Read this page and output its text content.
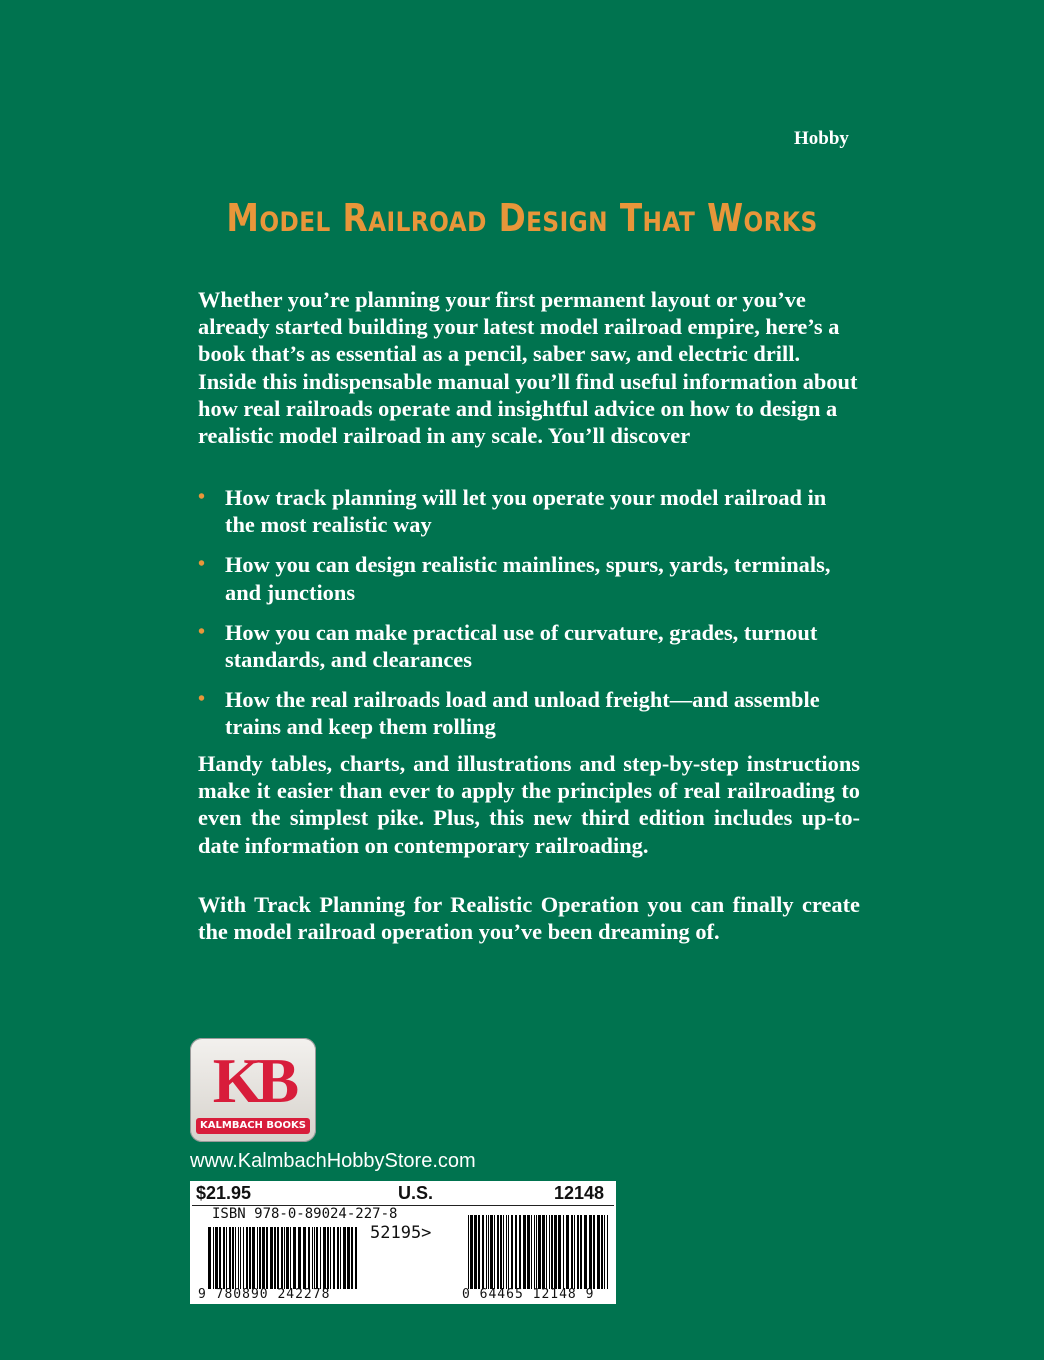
Hobby
Model Railroad Design That Works

Whether you’re planning your first permanent layout or you’ve already started building your latest model railroad empire, here’s a book that’s as essential as a pencil, saber saw, and electric drill. Inside this indispensable manual you’ll find useful information about how real railroads operate and insightful advice on how to design a realistic model railroad in any scale. You’ll discover

• How track planning will let you operate your model railroad in the most realistic way
• How you can design realistic mainlines, spurs, yards, terminals, and junctions
• How you can make practical use of curvature, grades, turnout standards, and clearances
• How the real railroads load and unload freight—and assemble trains and keep them rolling

Handy tables, charts, and illustrations and step-by-step instructions make it easier than ever to apply the principles of real railroading to even the simplest pike. Plus, this new third edition includes up-to-date information on contemporary railroading.

With Track Planning for Realistic Operation you can finally create the model railroad operation you’ve been dreaming of.

KB
KALMBACH BOOKS
www.KalmbachHobbyStore.com
$21.95	U.S.	12148
ISBN 978-0-89024-227-8
52195>
9 780890 242278	0 64465 12148 9
